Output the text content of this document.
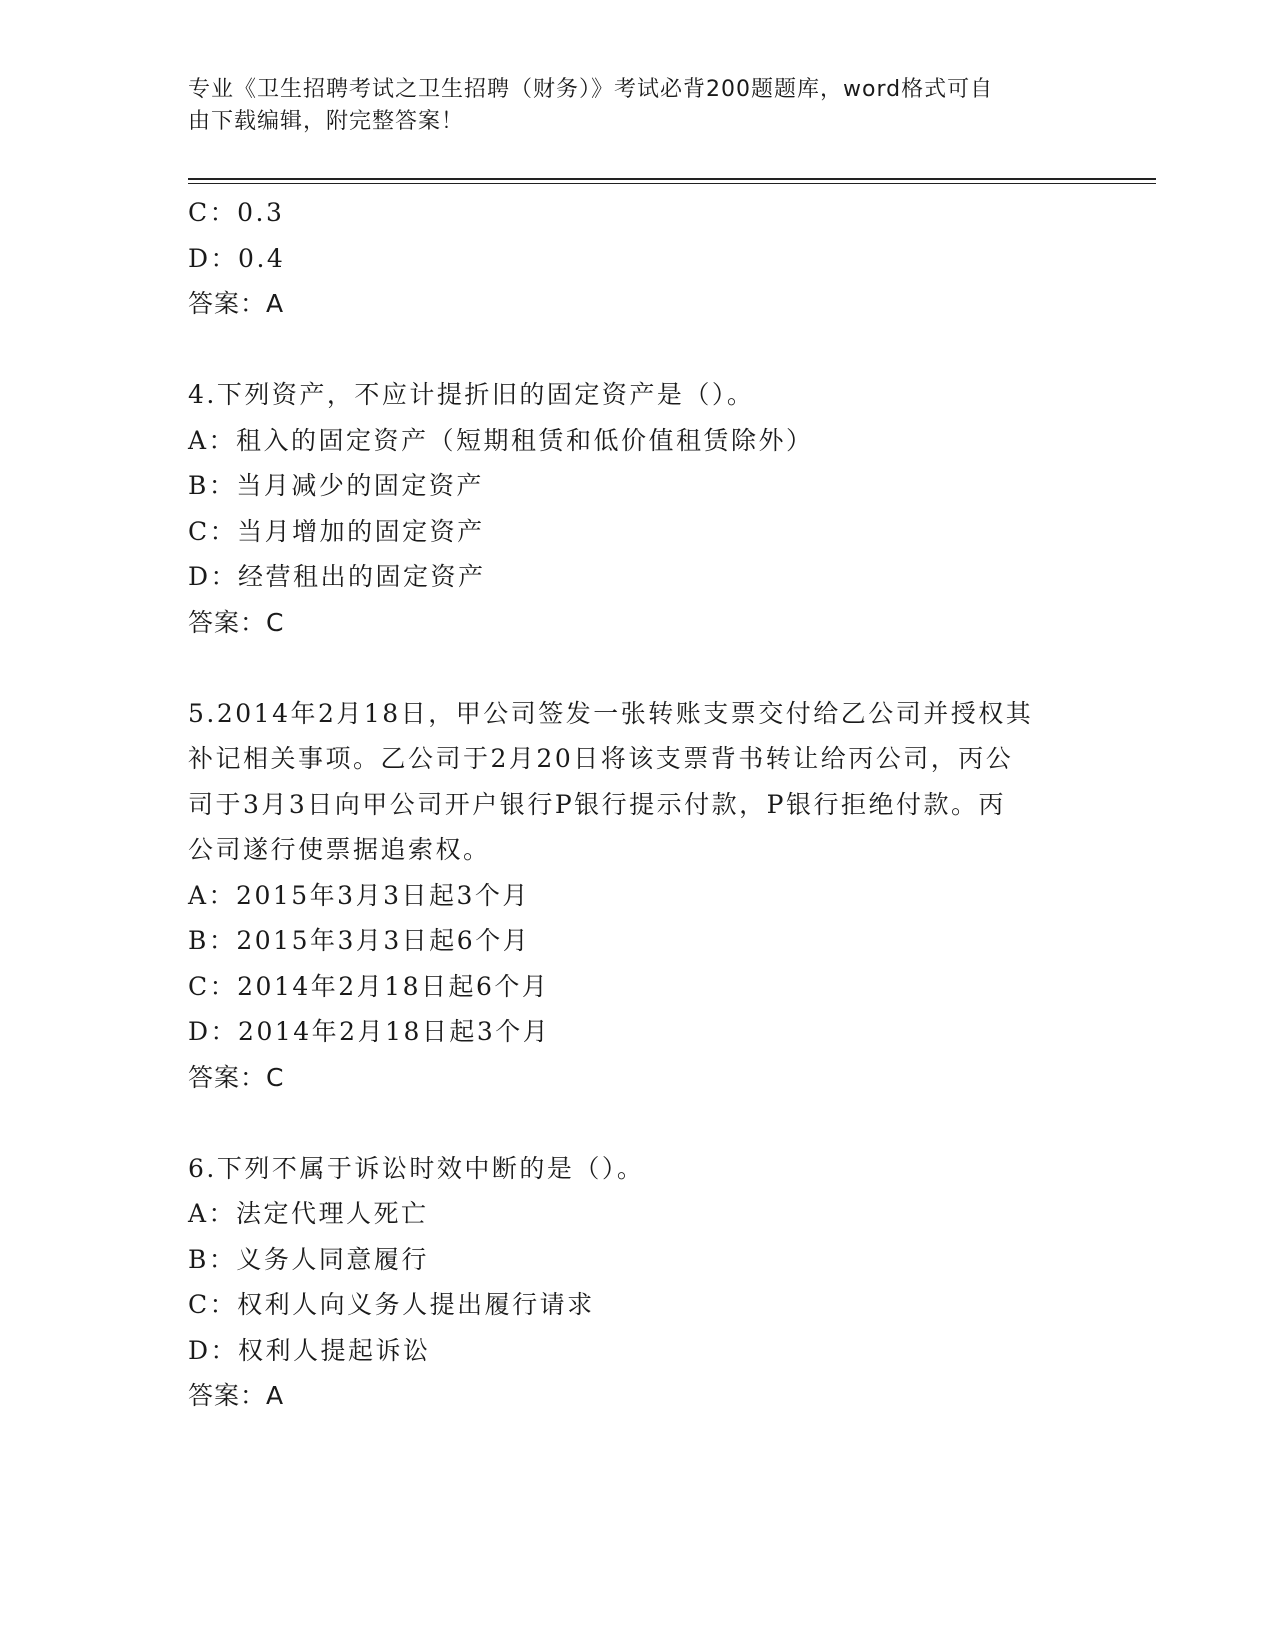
专业《卫生招聘考试之卫生招聘（财务）》考试必背200题题库，word格式可自
由下载编辑，附完整答案！
C：0.3
D：0.4
答案：A
4.下列资产，不应计提折旧的固定资产是（）。
A：租入的固定资产（短期租赁和低价值租赁除外）
B：当月减少的固定资产
C：当月增加的固定资产
D：经营租出的固定资产
答案：C
5.2014年2月18日，甲公司签发一张转账支票交付给乙公司并授权其
补记相关事项。乙公司于2月20日将该支票背书转让给丙公司，丙公
司于3月3日向甲公司开户银行P银行提示付款，P银行拒绝付款。丙
公司遂行使票据追索权。
A：2015年3月3日起3个月
B：2015年3月3日起6个月
C：2014年2月18日起6个月
D：2014年2月18日起3个月
答案：C
6.下列不属于诉讼时效中断的是（）。
A：法定代理人死亡
B：义务人同意履行
C：权利人向义务人提出履行请求
D：权利人提起诉讼
答案：A
